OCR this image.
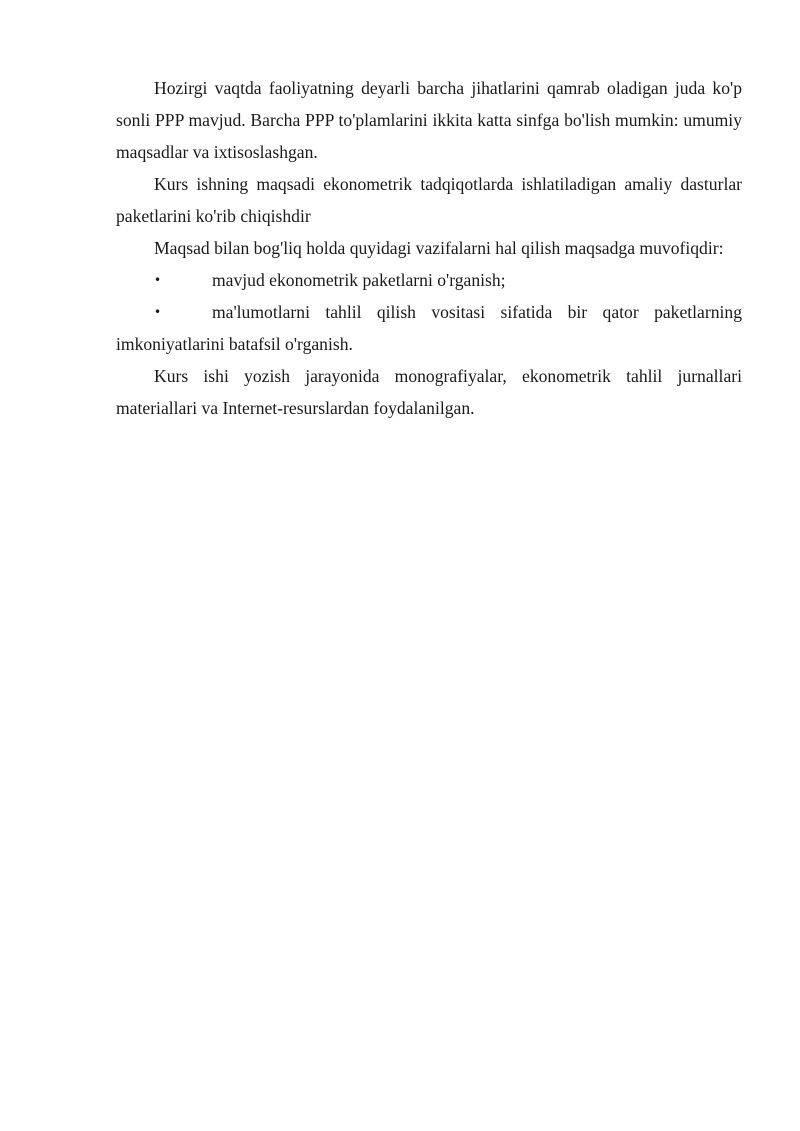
Hozirgi vaqtda faoliyatning deyarli barcha jihatlarini qamrab oladigan juda ko'p sonli PPP mavjud. Barcha PPP to'plamlarini ikkita katta sinfga bo'lish mumkin: umumiy maqsadlar va ixtisoslashgan.

Kurs ishning maqsadi ekonometrik tadqiqotlarda ishlatiladigan amaliy dasturlar paketlarini ko'rib chiqishdir

Maqsad bilan bog'liq holda quyidagi vazifalarni hal qilish maqsadga muvofiqdir:

•	mavjud ekonometrik paketlarni o'rganish;
•	ma'lumotlarni tahlil qilish vositasi sifatida bir qator paketlarning imkoniyatlarini batafsil o'rganish.

Kurs ishi yozish jarayonida monografiyalar, ekonometrik tahlil jurnallari materiallari va Internet-resurslardan foydalanilgan.
